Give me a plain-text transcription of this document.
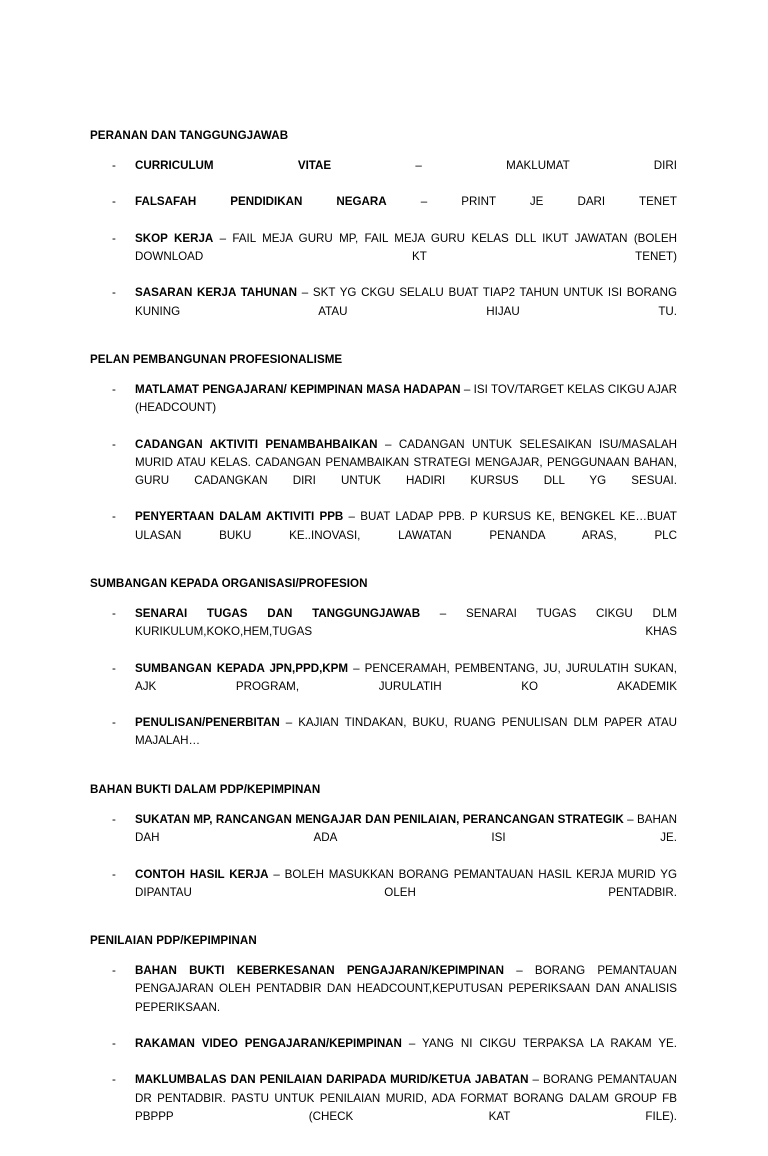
PERANAN DAN TANGGUNGJAWAB

- CURRICULUM VITAE – MAKLUMAT DIRI
- FALSAFAH PENDIDIKAN NEGARA – PRINT JE DARI TENET
- SKOP KERJA – FAIL MEJA GURU MP, FAIL MEJA GURU KELAS DLL IKUT JAWATAN (BOLEH DOWNLOAD KT TENET)
- SASARAN KERJA TAHUNAN – SKT YG CKGU SELALU BUAT TIAP2 TAHUN UNTUK ISI BORANG KUNING ATAU HIJAU TU.

PELAN PEMBANGUNAN PROFESIONALISME

- MATLAMAT PENGAJARAN/ KEPIMPINAN MASA HADAPAN – ISI TOV/TARGET KELAS CIKGU AJAR (HEADCOUNT)
- CADANGAN AKTIVITI PENAMBAHBAIKAN – CADANGAN UNTUK SELESAIKAN ISU/MASALAH MURID ATAU KELAS. CADANGAN PENAMBAIKAN STRATEGI MENGAJAR, PENGGUNAAN BAHAN, GURU CADANGKAN DIRI UNTUK HADIRI KURSUS DLL YG SESUAI.
- PENYERTAAN DALAM AKTIVITI PPB – BUAT LADAP PPB. P KURSUS KE, BENGKEL KE…BUAT ULASAN BUKU KE..INOVASI, LAWATAN PENANDA ARAS, PLC

SUMBANGAN KEPADA ORGANISASI/PROFESION

- SENARAI TUGAS DAN TANGGUNGJAWAB – SENARAI TUGAS CIKGU DLM KURIKULUM,KOKO,HEM,TUGAS KHAS
- SUMBANGAN KEPADA JPN,PPD,KPM – PENCERAMAH, PEMBENTANG, JU, JURULATIH SUKAN, AJK PROGRAM, JURULATIH KO AKADEMIK
- PENULISAN/PENERBITAN – KAJIAN TINDAKAN, BUKU, RUANG PENULISAN DLM PAPER ATAU MAJALAH…

BAHAN BUKTI DALAM PDP/KEPIMPINAN

- SUKATAN MP, RANCANGAN MENGAJAR DAN PENILAIAN, PERANCANGAN STRATEGIK – BAHAN DAH ADA ISI JE.
- CONTOH HASIL KERJA – BOLEH MASUKKAN BORANG PEMANTAUAN HASIL KERJA MURID YG DIPANTAU OLEH PENTADBIR.

PENILAIAN PDP/KEPIMPINAN

- BAHAN BUKTI KEBERKESANAN PENGAJARAN/KEPIMPINAN – BORANG PEMANTAUAN PENGAJARAN OLEH PENTADBIR DAN HEADCOUNT,KEPUTUSAN PEPERIKSAAN DAN ANALISIS PEPERIKSAAN.
- RAKAMAN VIDEO PENGAJARAN/KEPIMPINAN – YANG NI CIKGU TERPAKSA LA RAKAM YE.
- MAKLUMBALAS DAN PENILAIAN DARIPADA MURID/KETUA JABATAN – BORANG PEMANTAUAN DR PENTADBIR. PASTU UNTUK PENILAIAN MURID, ADA FORMAT BORANG DALAM GROUP FB PBPPP (CHECK KAT FILE).
